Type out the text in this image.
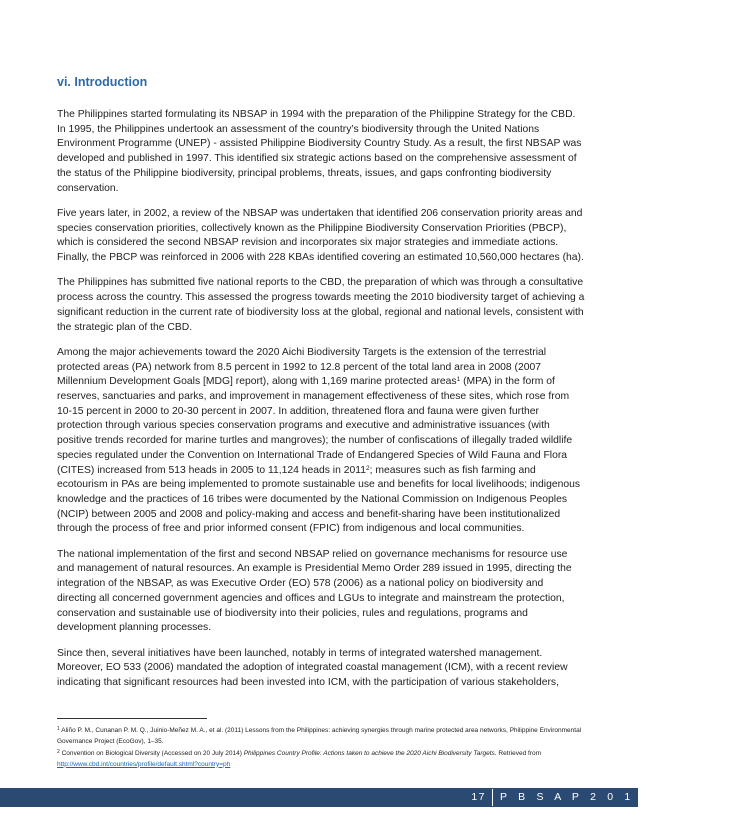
vi. Introduction

The Philippines started formulating its NBSAP in 1994 with the preparation of the Philippine Strategy for the CBD. In 1995, the Philippines undertook an assessment of the country’s biodiversity through the United Nations Environment Programme (UNEP) - assisted Philippine Biodiversity Country Study. As a result, the first NBSAP was developed and published in 1997. This identified six strategic actions based on the comprehensive assessment of the status of the Philippine biodiversity, principal problems, threats, issues, and gaps confronting biodiversity conservation.

Five years later, in 2002, a review of the NBSAP was undertaken that identified 206 conservation priority areas and species conservation priorities, collectively known as the Philippine Biodiversity Conservation Priorities (PBCP), which is considered the second NBSAP revision and incorporates six major strategies and immediate actions. Finally, the PBCP was reinforced in 2006 with 228 KBAs identified covering an estimated 10,560,000 hectares (ha).

The Philippines has submitted five national reports to the CBD, the preparation of which was through a consultative process across the country. This assessed the progress towards meeting the 2010 biodiversity target of achieving a significant reduction in the current rate of biodiversity loss at the global, regional and national levels, consistent with the strategic plan of the CBD.

Among the major achievements toward the 2020 Aichi Biodiversity Targets is the extension of the terrestrial protected areas (PA) network from 8.5 percent in 1992 to 12.8 percent of the total land area in 2008 (2007 Millennium Development Goals [MDG] report), along with 1,169 marine protected areas$^1$ (MPA) in the form of reserves, sanctuaries and parks, and improvement in management effectiveness of these sites, which rose from 10-15 percent in 2000 to 20-30 percent in 2007. In addition, threatened flora and fauna were given further protection through various species conservation programs and executive and administrative issuances (with positive trends recorded for marine turtles and mangroves); the number of confiscations of illegally traded wildlife species regulated under the Convention on International Trade of Endangered Species of Wild Fauna and Flora (CITES) increased from 513 heads in 2005 to 11,124 heads in 2011$^2$; measures such as fish farming and ecotourism in PAs are being implemented to promote sustainable use and benefits for local livelihoods; indigenous knowledge and the practices of 16 tribes were documented by the National Commission on Indigenous Peoples (NCIP) between 2005 and 2008 and policy-making and access and benefit-sharing have been institutionalized through the process of free and prior informed consent (FPIC) from indigenous and local communities.

The national implementation of the first and second NBSAP relied on governance mechanisms for resource use and management of natural resources. An example is Presidential Memo Order 289 issued in 1995, directing the integration of the NBSAP, as was Executive Order (EO) 578 (2006) as a national policy on biodiversity and directing all concerned government agencies and offices and LGUs to integrate and mainstream the protection, conservation and sustainable use of biodiversity into their policies, rules and regulations, programs and development planning processes.

Since then, several initiatives have been launched, notably in terms of integrated watershed management. Moreover, EO 533 (2006) mandated the adoption of integrated coastal management (ICM), with a recent review indicating that significant resources had been invested into ICM, with the participation of various stakeholders,

$^1$ Aliño P. M., Cunanan P. M. Q., Juinio-Meñez M. A., et al. (2011) Lessons from the Philippines: achieving synergies through marine protected area networks, Philippine Environmental Governance Project (EcoGov), 1–35.

$^2$ Convention on Biological Diversity (Accessed on 20 July 2014) Philippines Country Profile: Actions taken to achieve the 2020 Aichi Biodiversity Targets. Retrieved from http://www.cbd.int/countries/profile/default.shtml?country=ph

17 P B S A P 2 0 1 5 - 2 0 2 8
